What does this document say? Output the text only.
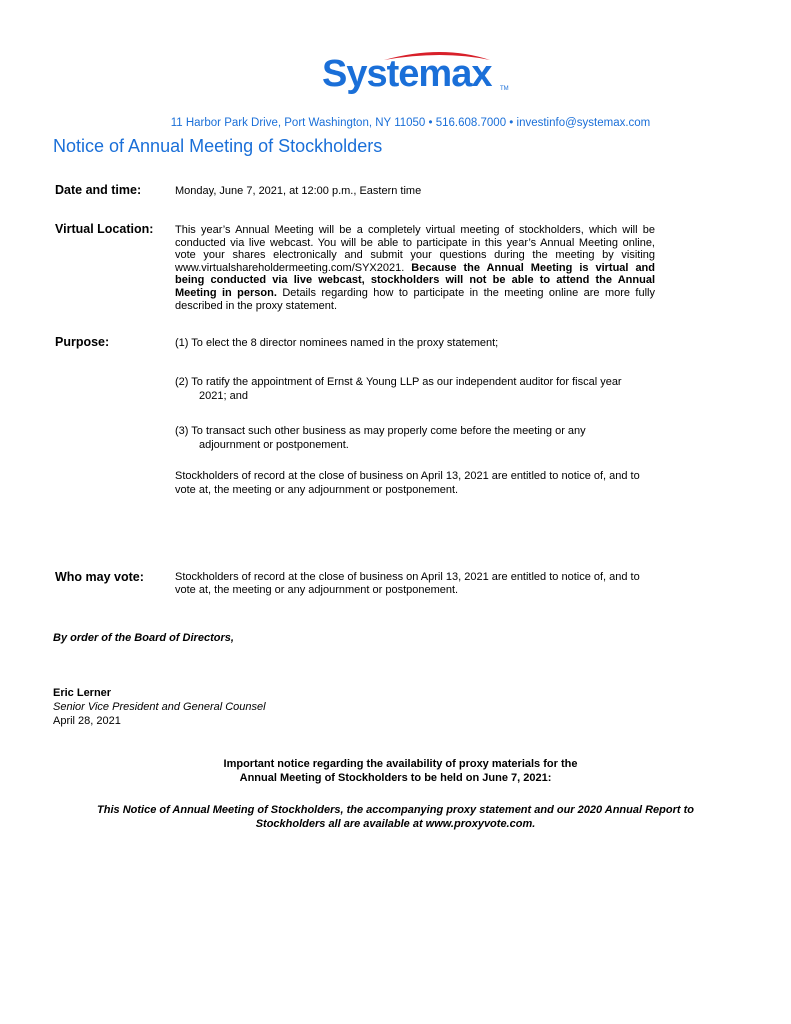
Systemax TM
11 Harbor Park Drive, Port Washington, NY 11050 • 516.608.7000 • investinfo@systemax.com
Notice of Annual Meeting of Stockholders
Date and time:	Monday, June 7, 2021, at 12:00 p.m., Eastern time
Virtual Location: This year’s Annual Meeting will be a completely virtual meeting of stockholders, which will be conducted via live webcast. You will be able to participate in this year’s Annual Meeting online, vote your shares electronically and submit your questions during the meeting by visiting www.virtualshareholdermeeting.com/SYX2021. Because the Annual Meeting is virtual and being conducted via live webcast, stockholders will not be able to attend the Annual Meeting in person. Details regarding how to participate in the meeting online are more fully described in the proxy statement.
Purpose:	(1) To elect the 8 director nominees named in the proxy statement;
(2) To ratify the appointment of Ernst & Young LLP as our independent auditor for fiscal year 2021; and
(3) To transact such other business as may properly come before the meeting or any adjournment or postponement.
Stockholders of record at the close of business on April 13, 2021 are entitled to notice of, and to vote at, the meeting or any adjournment or postponement.
Who may vote:	Stockholders of record at the close of business on April 13, 2021 are entitled to notice of, and to vote at, the meeting or any adjournment or postponement.
By order of the Board of Directors,
Eric Lerner
Senior Vice President and General Counsel
April 28, 2021
Important notice regarding the availability of proxy materials for the
Annual Meeting of Stockholders to be held on June 7, 2021:
This Notice of Annual Meeting of Stockholders, the accompanying proxy statement and our 2020 Annual Report to
Stockholders all are available at www.proxyvote.com.
